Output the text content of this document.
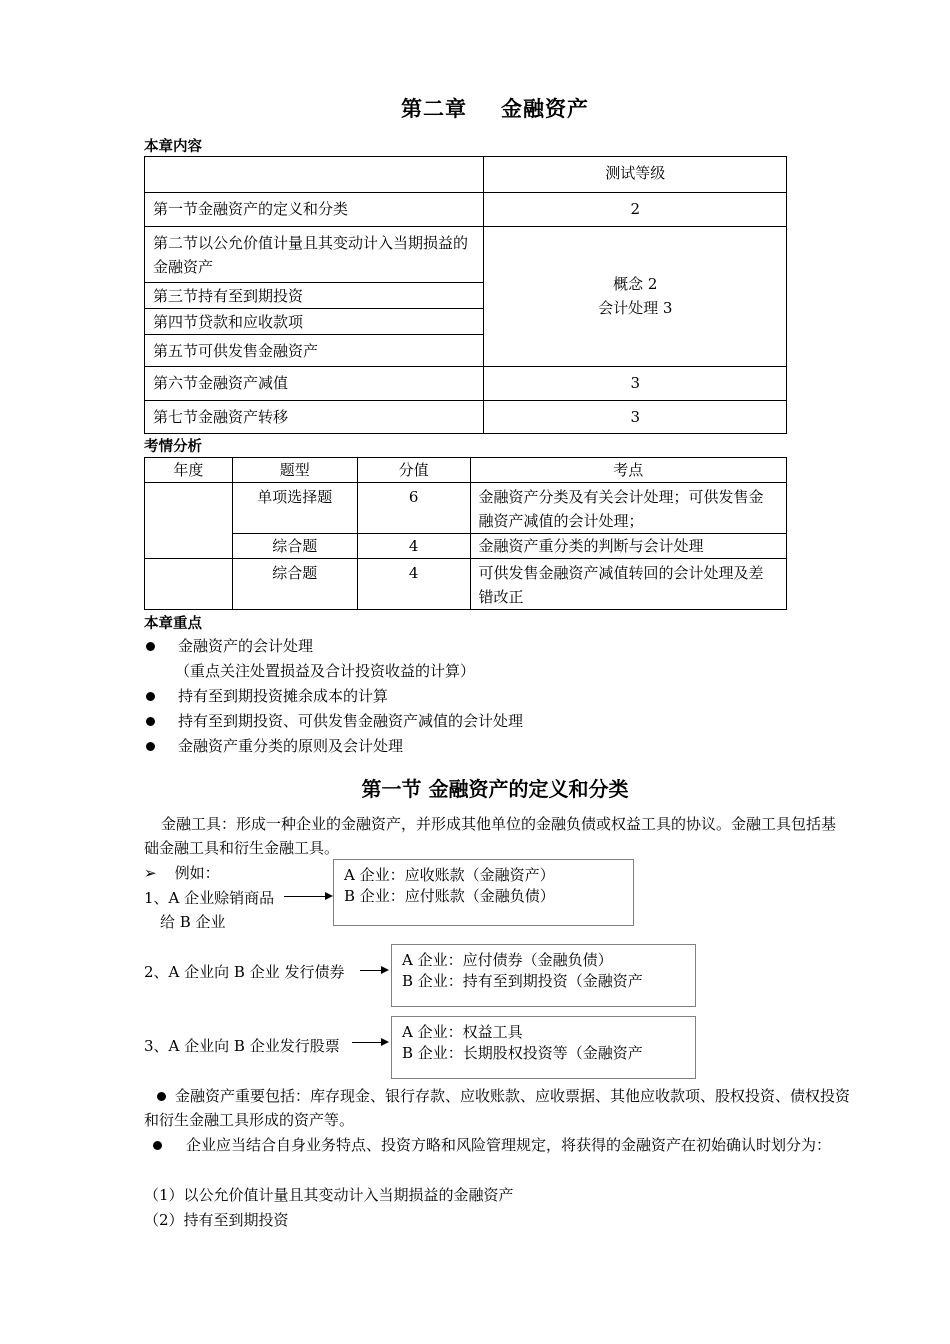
第二章 金融资产
本章内容
	测试等级
第一节金融资产的定义和分类	2
第二节以公允价值计量且其变动计入当期损益的金融资产	概念 2
会计处理 3

第三节持有至到期投资	
第四节贷款和应收款项	
第五节可供发售金融资产	
第六节金融资产减值	3
第七节金融资产转移	3
考情分析
年度	题型	分值	考点
	单项选择题	6	金融资产分类及有关会计处理；可供发售金融资产减值的会计处理；
	综合题	4	金融资产重分类的判断与会计处理
	综合题	4	可供发售金融资产减值转回的会计处理及差错改正
本章重点
金融资产的会计处理
（重点关注处置损益及合计投资收益的计算）
持有至到期投资摊余成本的计算
持有至到期投资、可供发售金融资产减值的会计处理
金融资产重分类的原则及会计处理
第一节 金融资产的定义和分类
金融工具：形成一种企业的金融资产，并形成其他单位的金融负债或权益工具的协议。金融工具包括基础金融工具和衍生金融工具。
➢ 例如：
1、A 企业赊销商品
给 B 企业
A 企业：应收账款（金融资产）
B 企业：应付账款（金融负债）
2、A 企业向 B 企业 发行债券
A 企业：应付债券（金融负债）
B 企业：持有至到期投资（金融资产
3、A 企业向 B 企业发行股票
A 企业：权益工具
B 企业：长期股权投资等（金融资产
金融资产重要包括：库存现金、银行存款、应收账款、应收票据、其他应收款项、股权投资、债权投资和衍生金融工具形成的资产等。
企业应当结合自身业务特点、投资方略和风险管理规定，将获得的金融资产在初始确认时划分为：
（1）以公允价值计量且其变动计入当期损益的金融资产
（2）持有至到期投资
